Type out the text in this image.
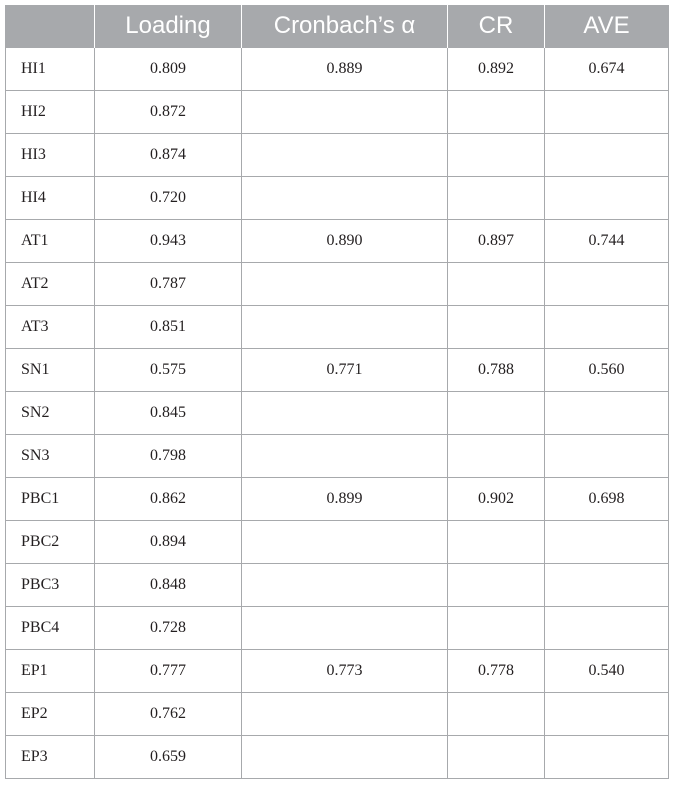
	Loading	Cronbach’s α	CR	AVE
HI1	0.809	0.889	0.892	0.674
HI2	0.872			
HI3	0.874			
HI4	0.720			
AT1	0.943	0.890	0.897	0.744
AT2	0.787			
AT3	0.851			
SN1	0.575	0.771	0.788	0.560
SN2	0.845			
SN3	0.798			
PBC1	0.862	0.899	0.902	0.698
PBC2	0.894			
PBC3	0.848			
PBC4	0.728			
EP1	0.777	0.773	0.778	0.540
EP2	0.762			
EP3	0.659			
